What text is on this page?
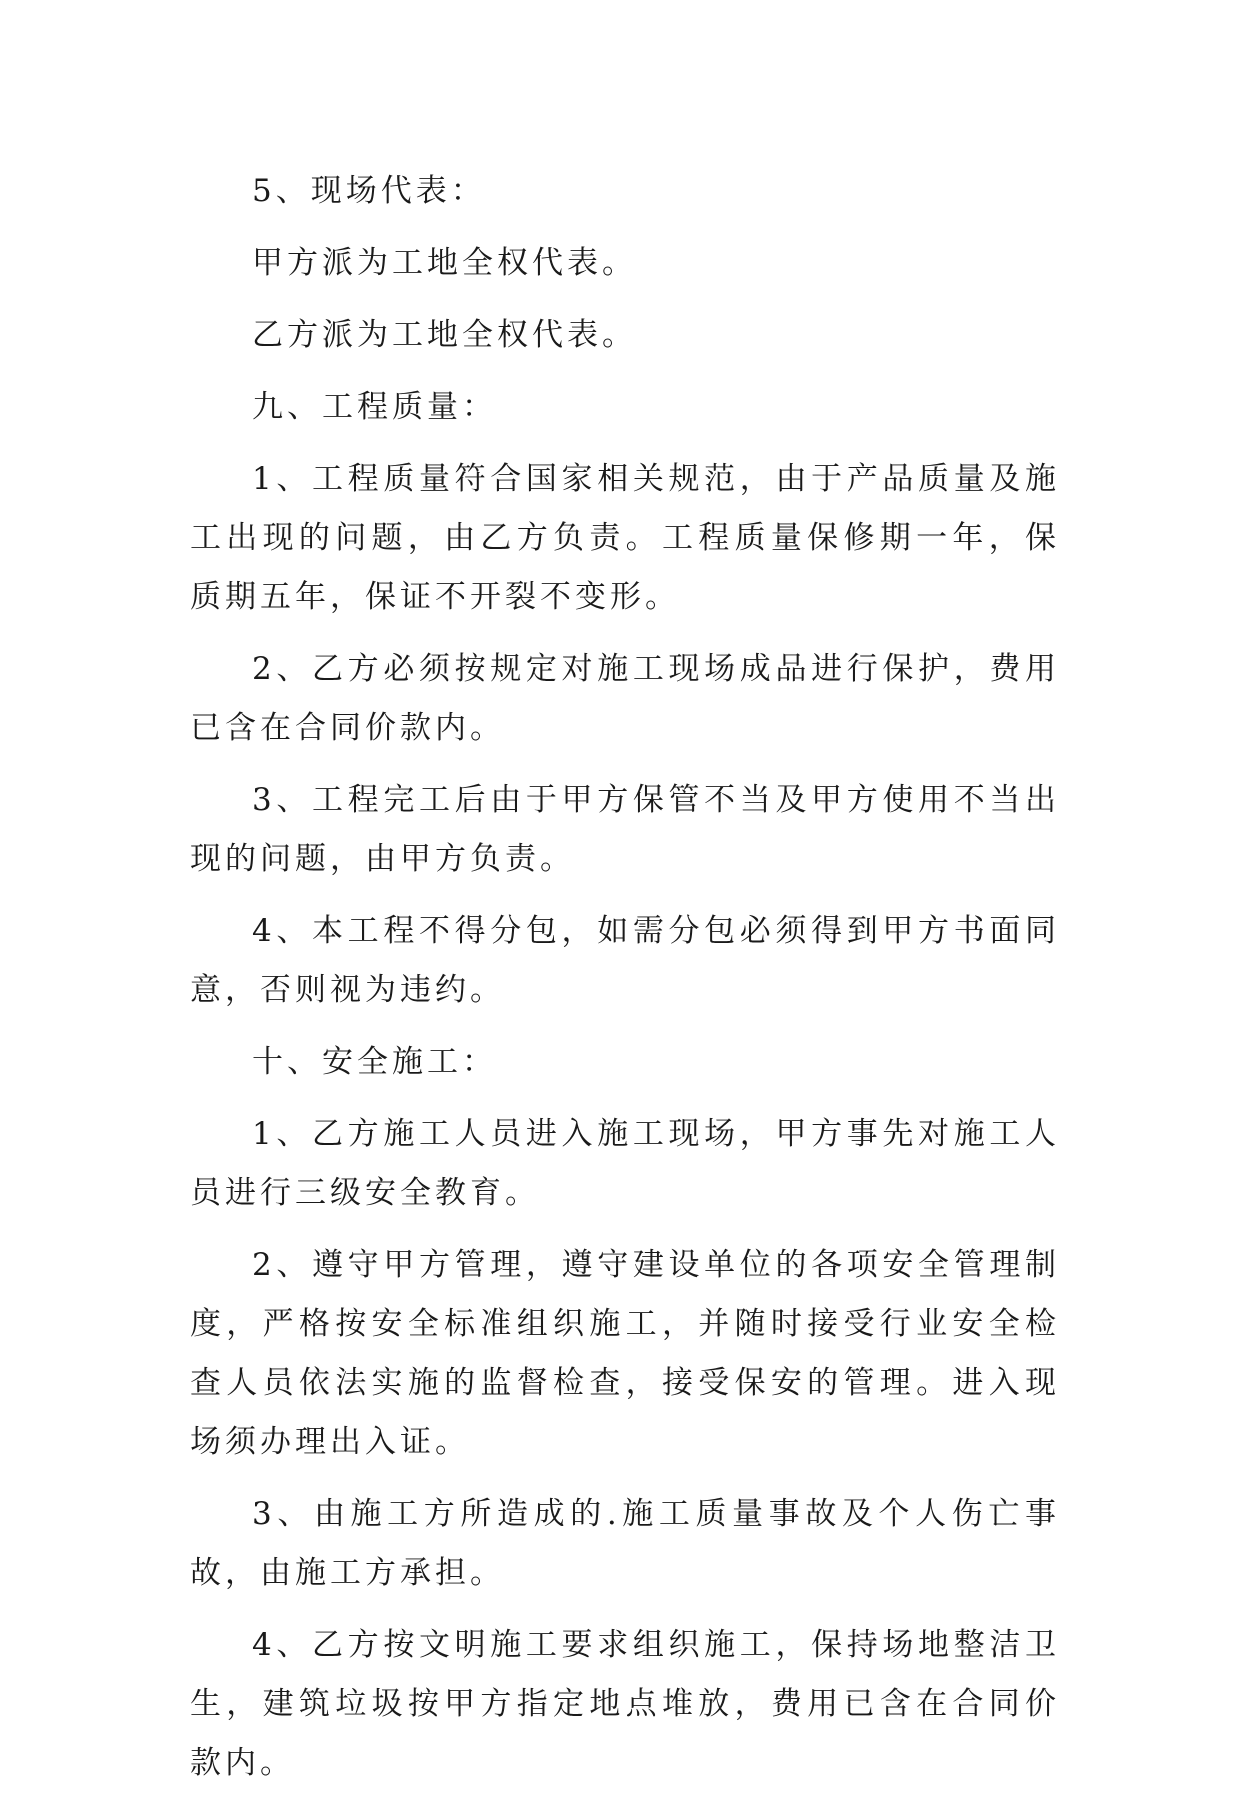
5、现场代表：

甲方派为工地全权代表。

乙方派为工地全权代表。

九、工程质量：

1、工程质量符合国家相关规范，由于产品质量及施工出现的问题，由乙方负责。工程质量保修期一年，保质期五年，保证不开裂不变形。

2、乙方必须按规定对施工现场成品进行保护，费用已含在合同价款内。

3、工程完工后由于甲方保管不当及甲方使用不当出现的问题，由甲方负责。

4、本工程不得分包，如需分包必须得到甲方书面同意，否则视为违约。

十、安全施工：

1、乙方施工人员进入施工现场，甲方事先对施工人员进行三级安全教育。

2、遵守甲方管理，遵守建设单位的各项安全管理制度，严格按安全标准组织施工，并随时接受行业安全检查人员依法实施的监督检查，接受保安的管理。进入现场须办理出入证。

3、由施工方所造成的.施工质量事故及个人伤亡事故，由施工方承担。

4、乙方按文明施工要求组织施工，保持场地整洁卫生，建筑垃圾按甲方指定地点堆放，费用已含在合同价款内。
